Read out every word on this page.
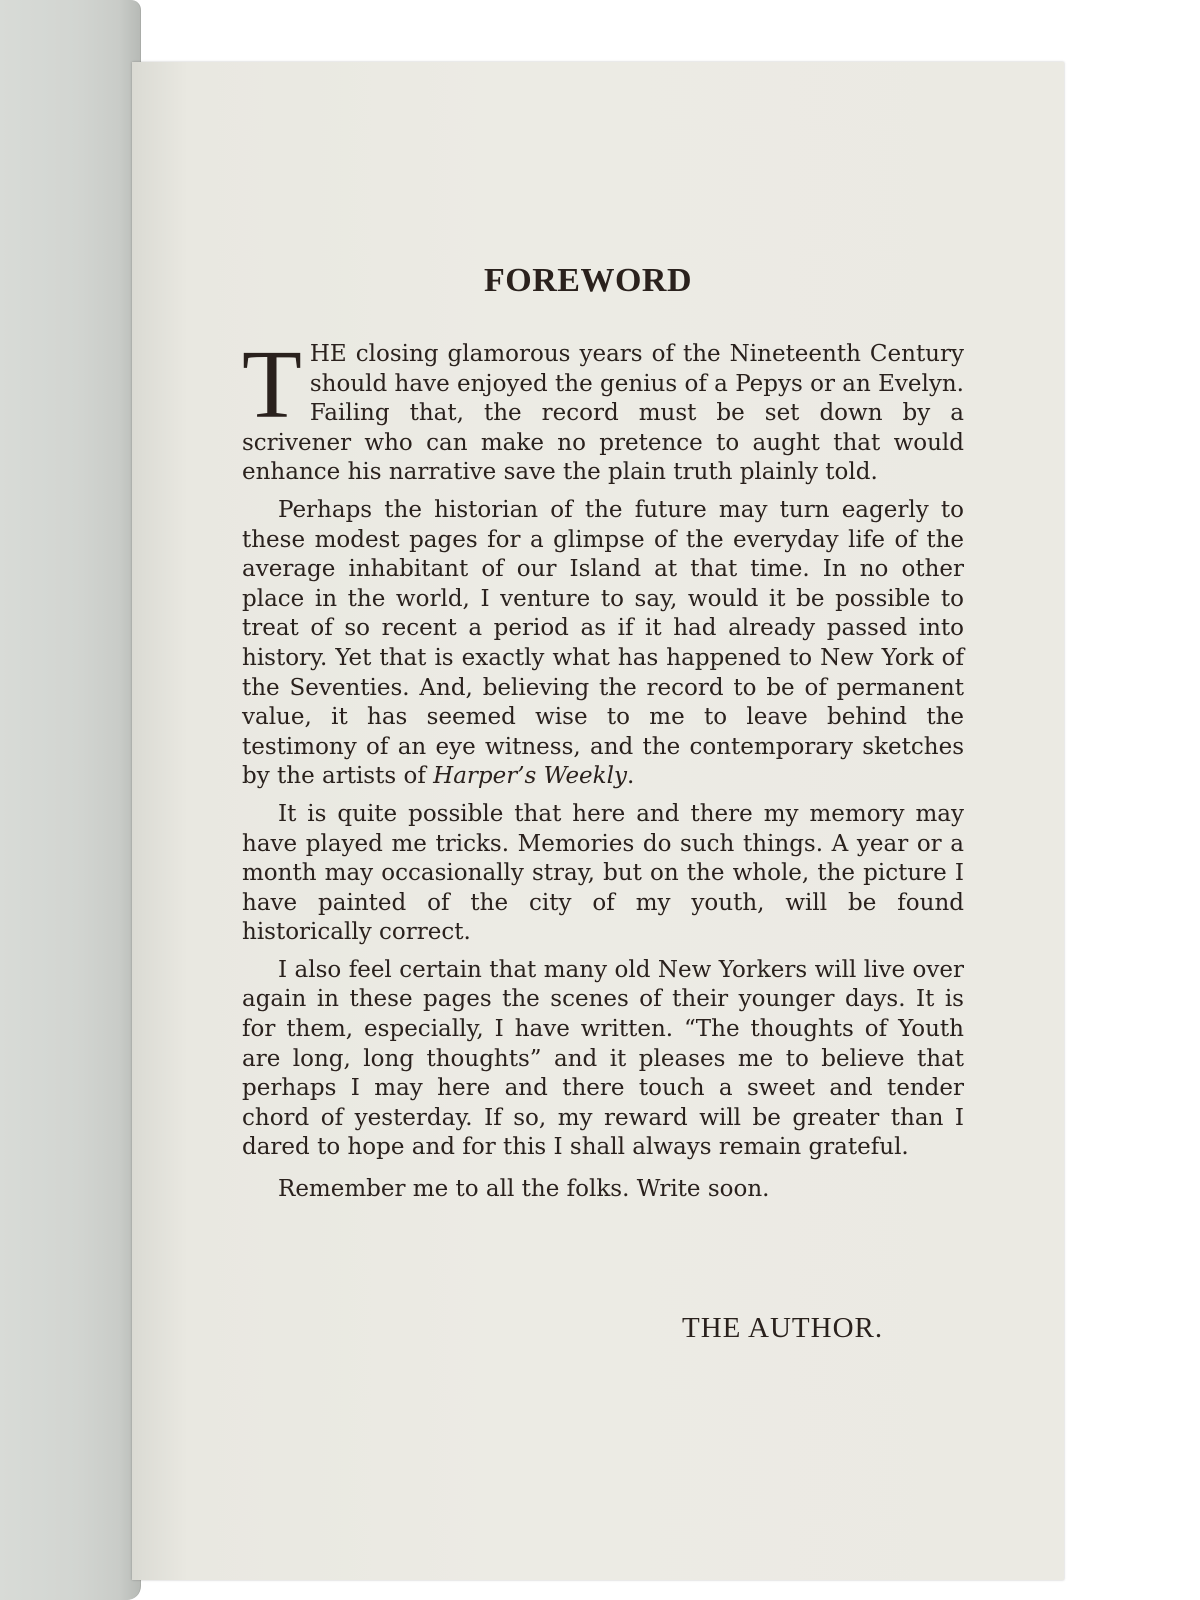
FOREWORD

THE closing glamorous years of the Nineteenth Century should have enjoyed the genius of a Pepys or an Evelyn. Failing that, the record must be set down by a scrivener who can make no pretence to aught that would enhance his narrative save the plain truth plainly told.

Perhaps the historian of the future may turn eagerly to these modest pages for a glimpse of the everyday life of the average inhabitant of our Island at that time. In no other place in the world, I venture to say, would it be possible to treat of so recent a period as if it had already passed into history. Yet that is exactly what has happened to New York of the Seventies. And, believing the record to be of permanent value, it has seemed wise to me to leave behind the testimony of an eye witness, and the contemporary sketches by the artists of Harper’s Weekly.

It is quite possible that here and there my memory may have played me tricks. Memories do such things. A year or a month may occasionally stray, but on the whole, the picture I have painted of the city of my youth, will be found historically correct.

I also feel certain that many old New Yorkers will live over again in these pages the scenes of their younger days. It is for them, especially, I have written. “The thoughts of Youth are long, long thoughts” and it pleases me to believe that perhaps I may here and there touch a sweet and tender chord of yesterday. If so, my reward will be greater than I dared to hope and for this I shall always remain grateful.

Remember me to all the folks. Write soon.

THE AUTHOR.
